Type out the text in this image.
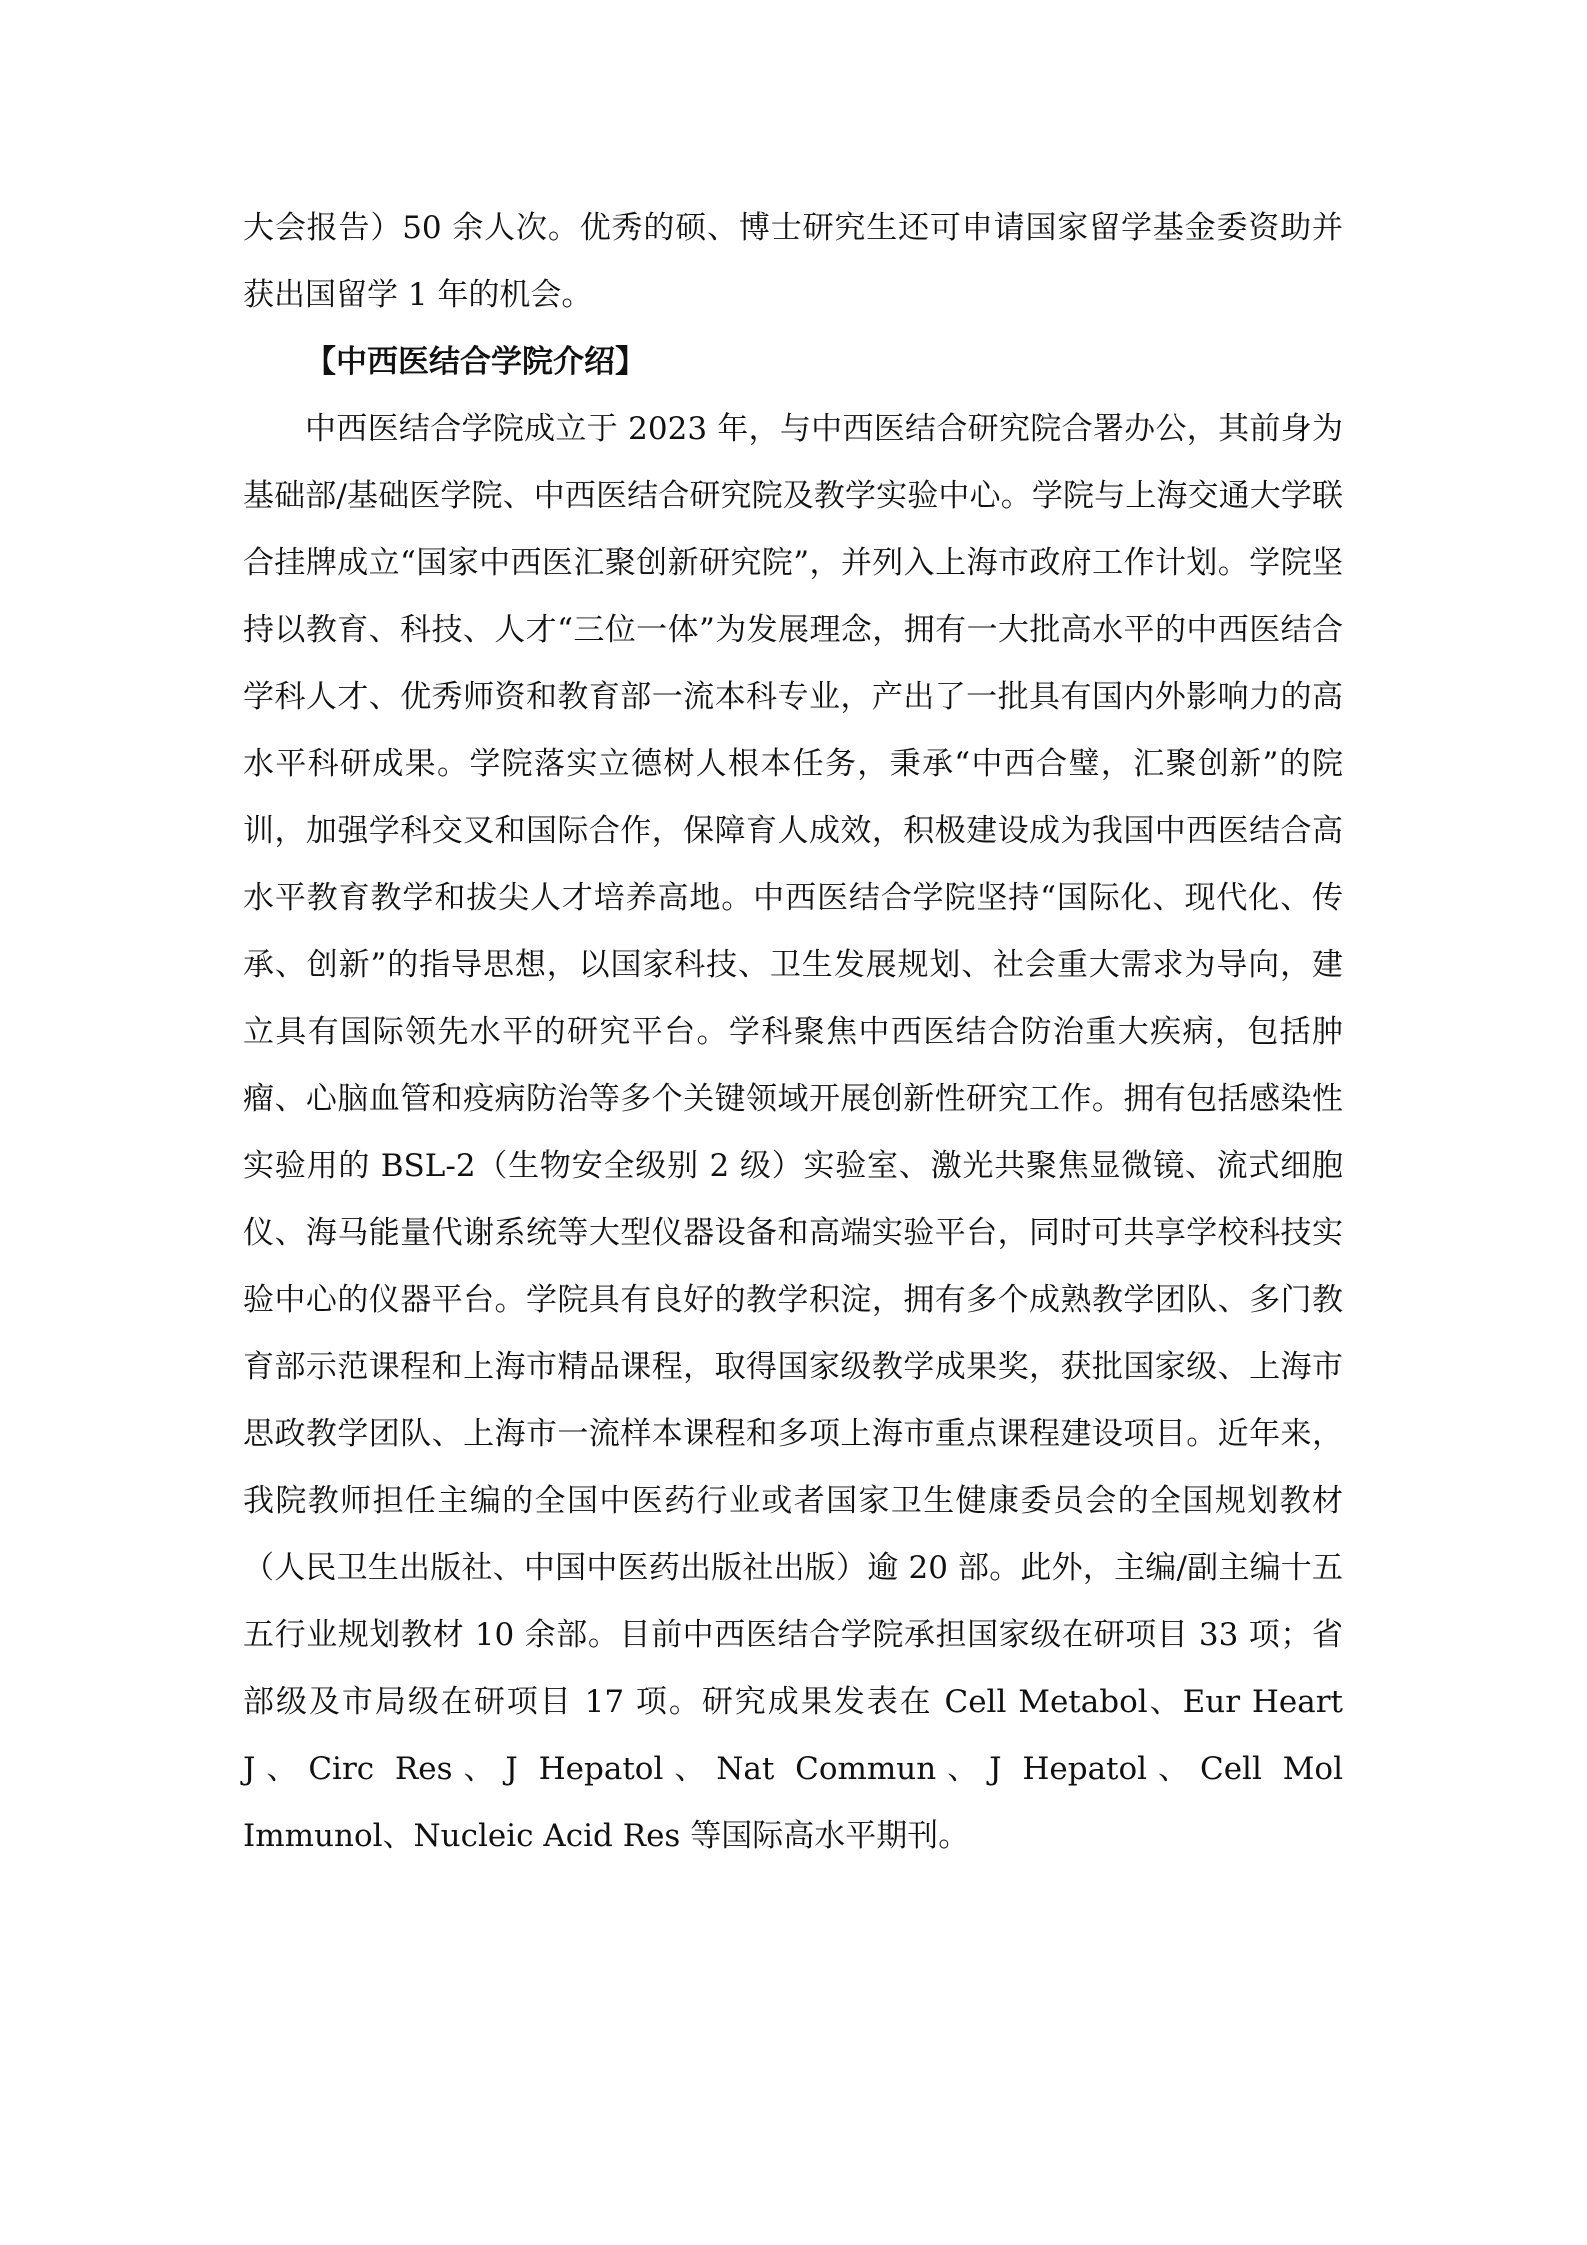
大会报告）50 余人次。优秀的硕、博士研究生还可申请国家留学基金委资助并获出国留学 1 年的机会。

【中西医结合学院介绍】

中西医结合学院成立于 2023 年，与中西医结合研究院合署办公，其前身为基础部/基础医学院、中西医结合研究院及教学实验中心。学院与上海交通大学联合挂牌成立“国家中西医汇聚创新研究院”，并列入上海市政府工作计划。学院坚持以教育、科技、人才“三位一体”为发展理念，拥有一大批高水平的中西医结合学科人才、优秀师资和教育部一流本科专业，产出了一批具有国内外影响力的高水平科研成果。学院落实立德树人根本任务，秉承“中西合璧，汇聚创新”的院训，加强学科交叉和国际合作，保障育人成效，积极建设成为我国中西医结合高水平教育教学和拔尖人才培养高地。中西医结合学院坚持“国际化、现代化、传承、创新”的指导思想，以国家科技、卫生发展规划、社会重大需求为导向，建立具有国际领先水平的研究平台。学科聚焦中西医结合防治重大疾病，包括肿瘤、心脑血管和疫病防治等多个关键领域开展创新性研究工作。拥有包括感染性实验用的 BSL-2（生物安全级别 2 级）实验室、激光共聚焦显微镜、流式细胞仪、海马能量代谢系统等大型仪器设备和高端实验平台，同时可共享学校科技实验中心的仪器平台。学院具有良好的教学积淀，拥有多个成熟教学团队、多门教育部示范课程和上海市精品课程，取得国家级教学成果奖，获批国家级、上海市思政教学团队、上海市一流样本课程和多项上海市重点课程建设项目。近年来，我院教师担任主编的全国中医药行业或者国家卫生健康委员会的全国规划教材（人民卫生出版社、中国中医药出版社出版）逾 20 部。此外，主编/副主编十五五行业规划教材 10 余部。目前中西医结合学院承担国家级在研项目 33 项；省部级及市局级在研项目 17 项。研究成果发表在 Cell Metabol、Eur Heart J、Circ Res、J Hepatol、Nat Commun、J Hepatol、Cell Mol Immunol、Nucleic Acid Res 等国际高水平期刊。
